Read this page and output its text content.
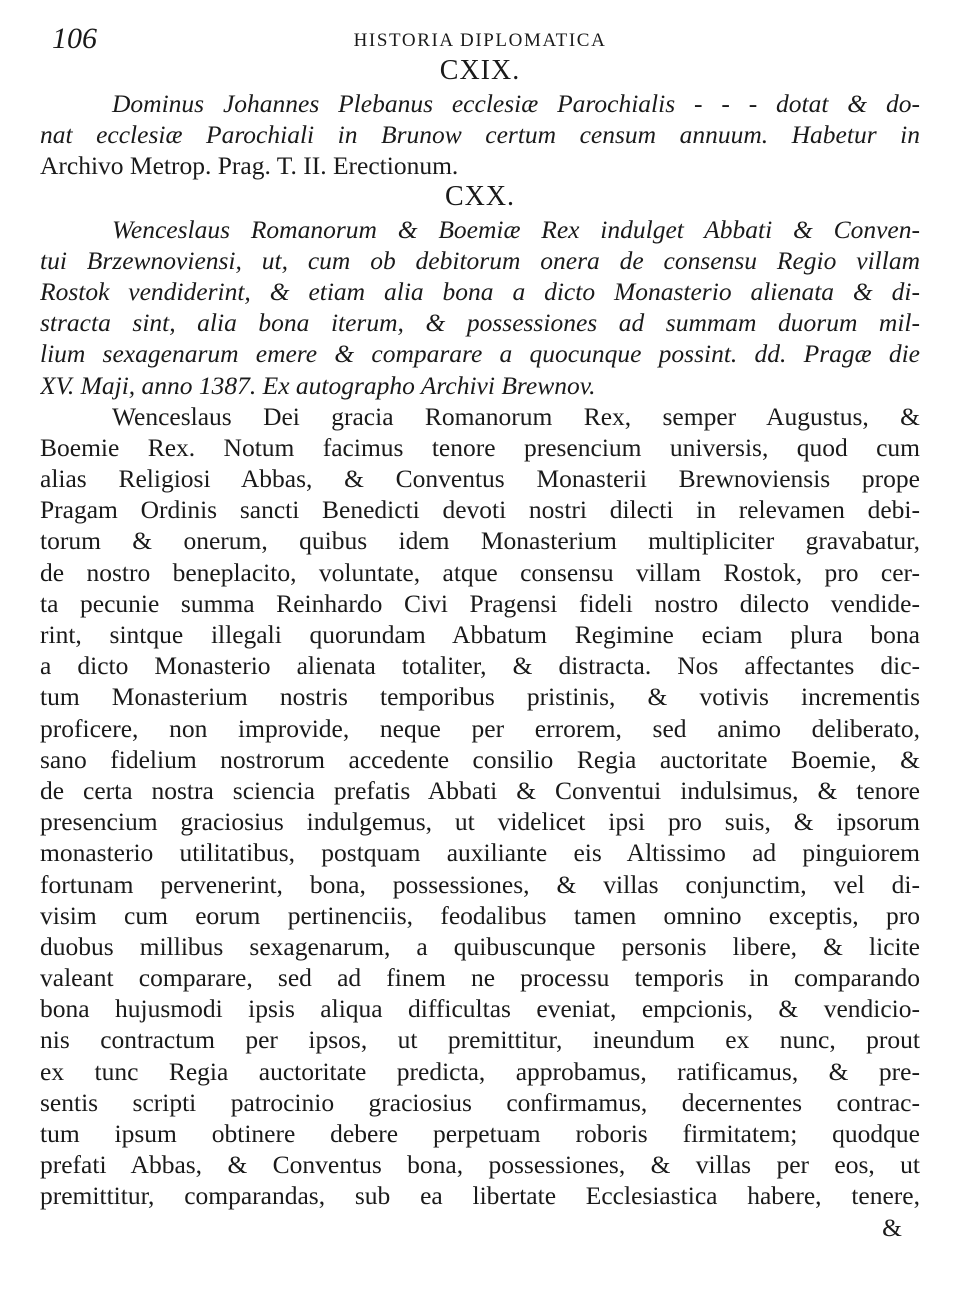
106	HISTORIA DIPLOMATICA
CXIX.
Dominus Johannes Plebanus ecclesiæ Parochialis - - - dotat & do-
nat ecclesiæ Parochiali in Brunow certum censum annuum. Habetur in
Archivo Metrop. Prag. T. II. Erectionum.
CXX.
Wenceslaus Romanorum & Boemiæ Rex indulget Abbati & Conven-
tui Brzewnoviensi, ut, cum ob debitorum onera de consensu Regio villam
Rostok vendiderint, & etiam alia bona a dicto Monasterio alienata & di-
stracta sint, alia bona iterum, & possessiones ad summam duorum mil-
lium sexagenarum emere & comparare a quocunque possint. dd. Pragæ die
XV. Maji, anno 1387. Ex autographo Archivi Brewnov.
Wenceslaus Dei gracia Romanorum Rex, semper Augustus, &
Boemie Rex. Notum facimus tenore presencium universis, quod cum
alias Religiosi Abbas, & Conventus Monasterii Brewnoviensis prope
Pragam Ordinis sancti Benedicti devoti nostri dilecti in relevamen debi-
torum & onerum, quibus idem Monasterium multipliciter gravabatur,
de nostro beneplacito, voluntate, atque consensu villam Rostok, pro cer-
ta pecunie summa Reinhardo Civi Pragensi fideli nostro dilecto vendide-
rint, sintque illegali quorundam Abbatum Regimine eciam plura bona
a dicto Monasterio alienata totaliter, & distracta. Nos affectantes dic-
tum Monasterium nostris temporibus pristinis, & votivis incrementis
proficere, non improvide, neque per errorem, sed animo deliberato,
sano fidelium nostrorum accedente consilio Regia auctoritate Boemie, &
de certa nostra sciencia prefatis Abbati & Conventui indulsimus, & tenore
presencium graciosius indulgemus, ut videlicet ipsi pro suis, & ipsorum
monasterio utilitatibus, postquam auxiliante eis Altissimo ad pinguiorem
fortunam pervenerint, bona, possessiones, & villas conjunctim, vel di-
visim cum eorum pertinenciis, feodalibus tamen omnino exceptis, pro
duobus millibus sexagenarum, a quibuscunque personis libere, & licite
valeant comparare, sed ad finem ne processu temporis in comparando
bona hujusmodi ipsis aliqua difficultas eveniat, empcionis, & vendicio-
nis contractum per ipsos, ut premittitur, ineundum ex nunc, prout
ex tunc Regia auctoritate predicta, approbamus, ratificamus, & pre-
sentis scripti patrocinio graciosius confirmamus, decernentes contrac-
tum ipsum obtinere debere perpetuam roboris firmitatem; quodque
prefati Abbas, & Conventus bona, possessiones, & villas per eos, ut
premittitur, comparandas, sub ea libertate Ecclesiastica habere, tenere,
&
